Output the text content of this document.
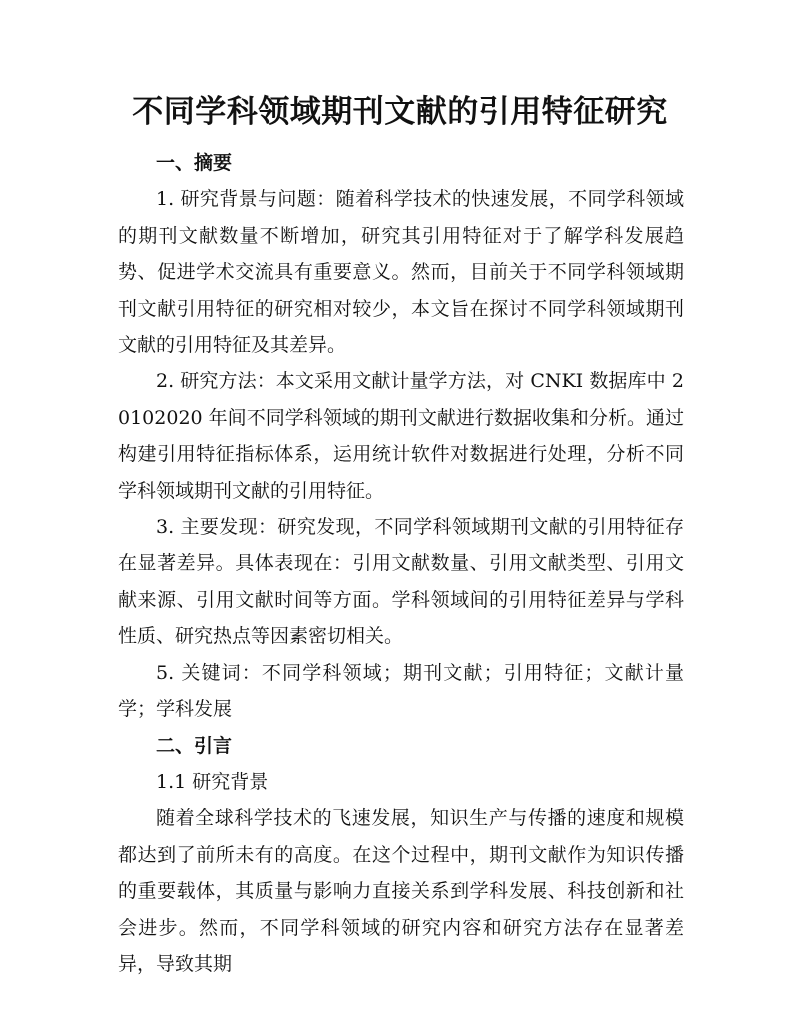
不同学科领域期刊文献的引用特征研究
一、摘要

1. 研究背景与问题：随着科学技术的快速发展，不同学科领域的期刊文献数量不断增加，研究其引用特征对于了解学科发展趋势、促进学术交流具有重要意义。然而，目前关于不同学科领域期刊文献引用特征的研究相对较少，本文旨在探讨不同学科领域期刊文献的引用特征及其差异。

2. 研究方法：本文采用文献计量学方法，对 CNKI 数据库中 20102020 年间不同学科领域的期刊文献进行数据收集和分析。通过构建引用特征指标体系，运用统计软件对数据进行处理，分析不同学科领域期刊文献的引用特征。

3. 主要发现：研究发现，不同学科领域期刊文献的引用特征存在显著差异。具体表现在：引用文献数量、引用文献类型、引用文献来源、引用文献时间等方面。学科领域间的引用特征差异与学科性质、研究热点等因素密切相关。

5. 关键词：不同学科领域；期刊文献；引用特征；文献计量学；学科发展

二、引言

1.1 研究背景

随着全球科学技术的飞速发展，知识生产与传播的速度和规模都达到了前所未有的高度。在这个过程中，期刊文献作为知识传播的重要载体，其质量与影响力直接关系到学科发展、科技创新和社会进步。然而，不同学科领域的研究内容和研究方法存在显著差异，导致其期
